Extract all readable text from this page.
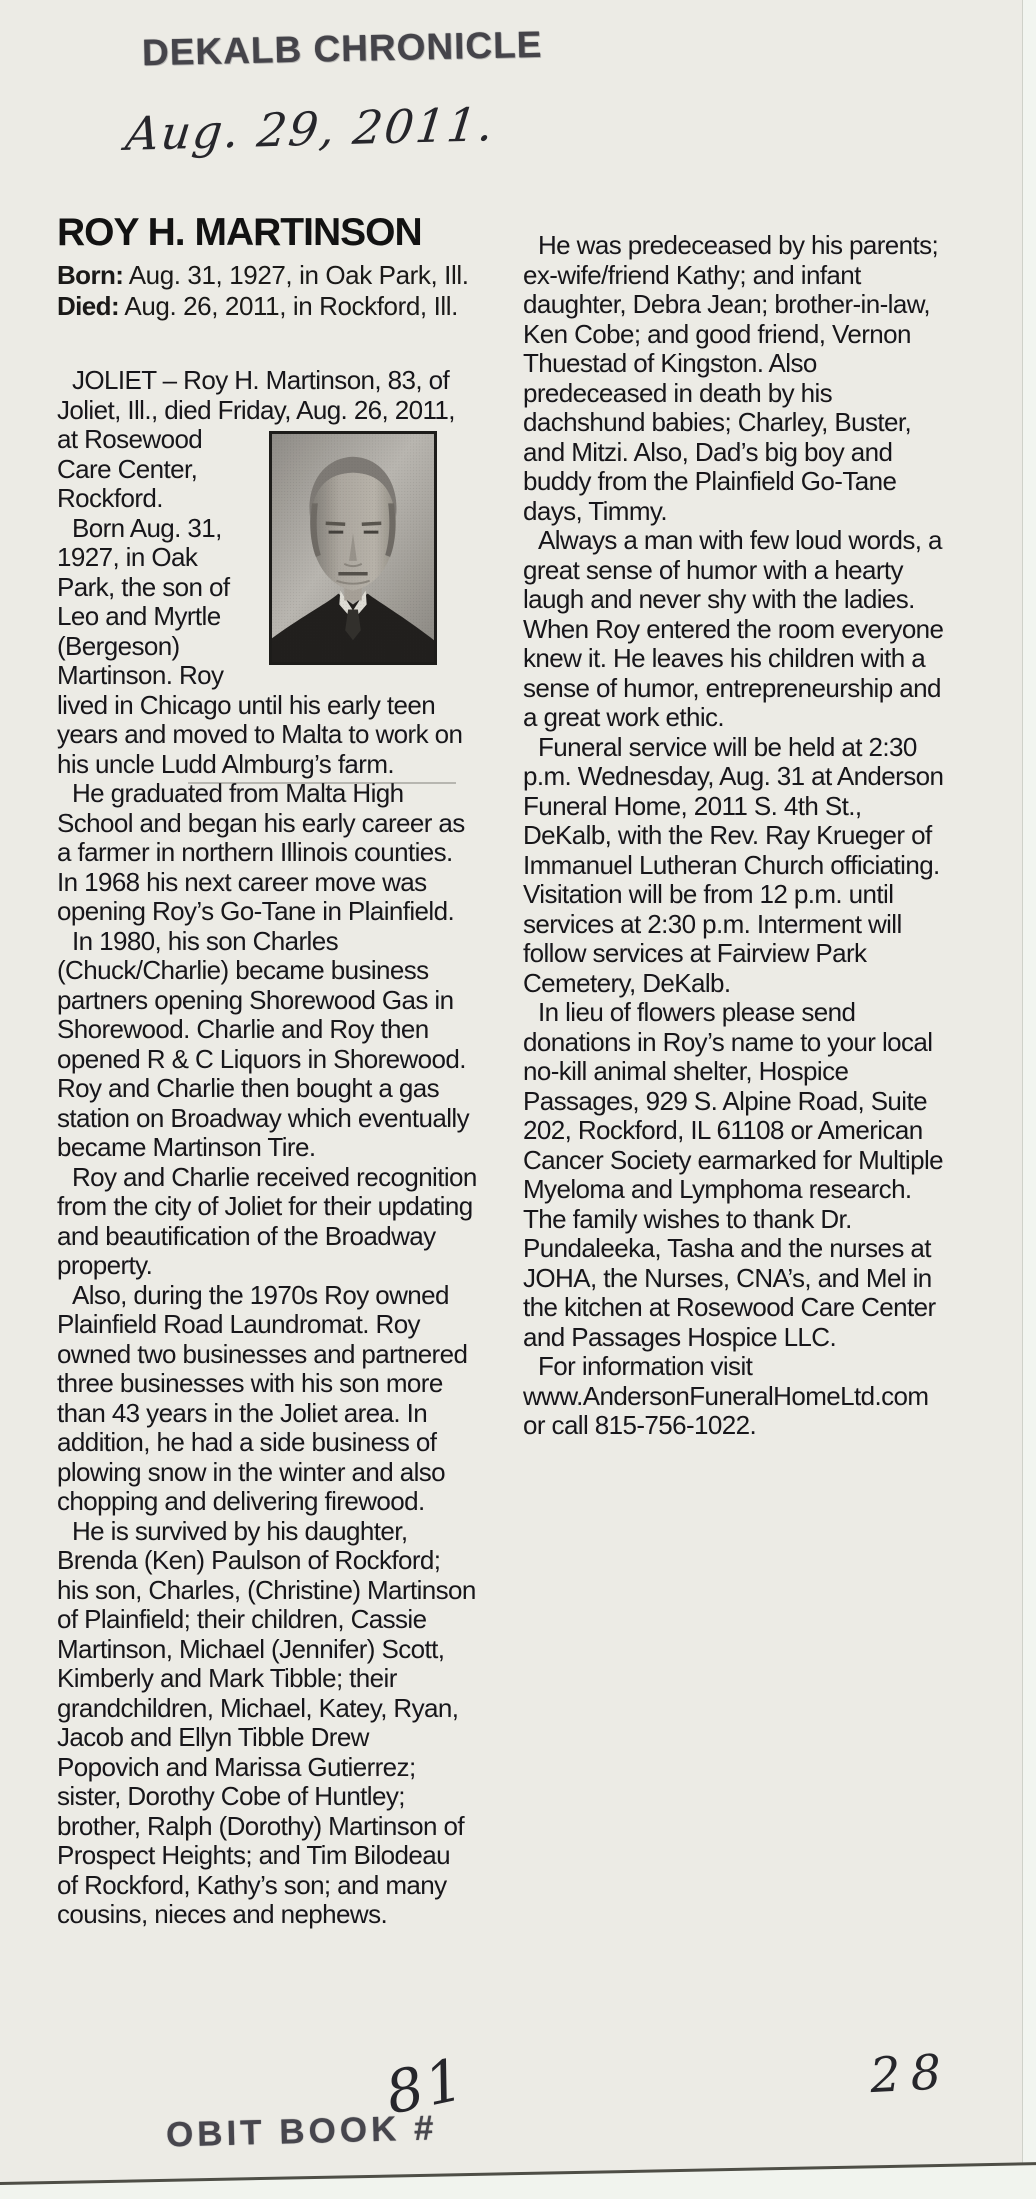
DEKALB CHRONICLE
Aug. 29, 2011.
ROY H. MARTINSON
Born: Aug. 31, 1927, in Oak Park, Ill.
Died: Aug. 26, 2011, in Rockford, Ill.
JOLIET – Roy H. Martinson, 83, of Joliet, Ill., died Friday, Aug.
26, 2011, at Rosewood Care Center, Rockford.
Born Aug. 31, 1927, in Oak Park, the son of Leo and Myrtle (Bergeson) Martinson. Roy lived in Chicago until his early teen years and moved to Malta to work on his uncle Ludd Almburg’s farm.
He graduated from Malta High School and began his early career as a farmer in northern Illinois counties. In 1968 his next career move was opening Roy’s Go-Tane in Plainfield.
In 1980, his son Charles (Chuck/Charlie) became business partners opening Shorewood Gas in Shorewood. Charlie and Roy then opened R & C Liquors in Shorewood. Roy and Charlie then bought a gas station on Broadway which eventually became Martinson Tire.
Roy and Charlie received recognition from the city of Joliet for their updating and beautification of the Broadway property.
Also, during the 1970s Roy owned Plainfield Road Laundromat. Roy owned two businesses and partnered three businesses with his son more than 43 years in the Joliet area. In addition, he had a side business of plowing snow in the winter and also chopping and delivering firewood.
He is survived by his daughter, Brenda (Ken) Paulson of Rockford; his son, Charles, (Christine) Martinson of Plainfield; their children, Cassie Martinson, Michael (Jennifer) Scott, Kimberly and Mark Tibble; their grandchildren, Michael, Katey, Ryan, Jacob and Ellyn Tibble Drew Popovich and Marissa Gutierrez; sister, Dorothy Cobe of Huntley; brother, Ralph (Dorothy) Martinson of Prospect Heights; and Tim Bilodeau of Rockford, Kathy’s son; and many cousins, nieces and nephews.
He was predeceased by his parents; ex-wife/friend Kathy; and infant daughter, Debra Jean; brother-in-law, Ken Cobe; and good friend, Vernon Thuestad of Kingston. Also predeceased in death by his dachshund babies; Charley, Buster, and Mitzi. Also, Dad’s big boy and buddy from the Plainfield Go-Tane days, Timmy.
Always a man with few loud words, a great sense of humor with a hearty laugh and never shy with the ladies. When Roy entered the room everyone knew it. He leaves his children with a sense of humor, entrepreneurship and a great work ethic.
Funeral service will be held at 2:30 p.m. Wednesday, Aug. 31 at Anderson Funeral Home, 2011 S. 4th St., DeKalb, with the Rev. Ray Krueger of Immanuel Lutheran Church officiating. Visitation will be from 12 p.m. until services at 2:30 p.m. Interment will follow services at Fairview Park Cemetery, DeKalb.
In lieu of flowers please send donations in Roy’s name to your local no-kill animal shelter, Hospice Passages, 929 S. Alpine Road, Suite 202, Rockford, IL 61108 or American Cancer Society earmarked for Multiple Myeloma and Lymphoma research. The family wishes to thank Dr. Pundaleeka, Tasha and the nurses at JOHA, the Nurses, CNA’s, and Mel in the kitchen at Rosewood Care Center and Passages Hospice LLC.
For information visit www.AndersonFuneralHomeLtd.com or call 815-756-1022.
28
OBIT BOOK #
81
